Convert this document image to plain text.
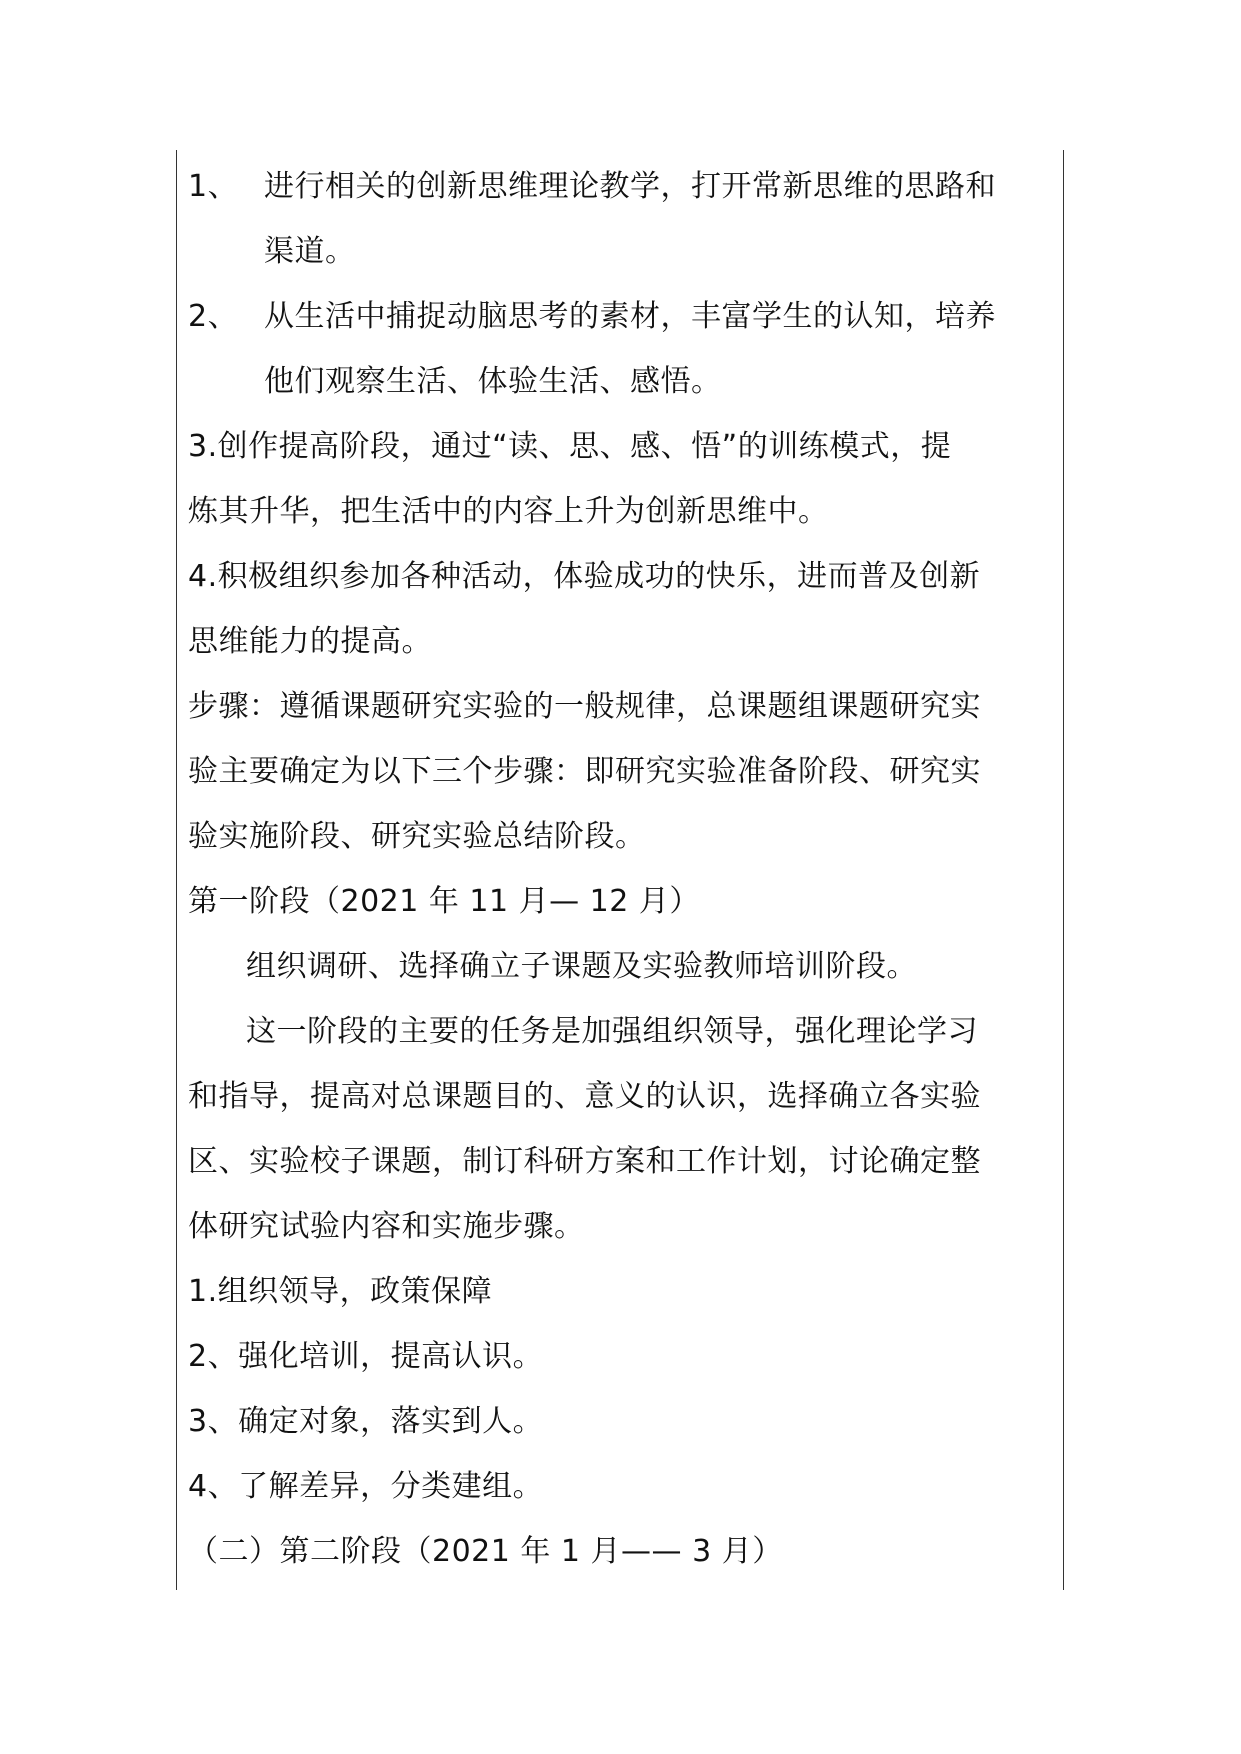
1、 进行相关的创新思维理论教学，打开常新思维的思路和
渠道。
2、 从生活中捕捉动脑思考的素材，丰富学生的认知，培养
他们观察生活、体验生活、感悟。
3.创作提高阶段，通过“读、思、感、悟”的训练模式，提
炼其升华，把生活中的内容上升为创新思维中。
4.积极组织参加各种活动，体验成功的快乐，进而普及创新
思维能力的提高。
步骤：遵循课题研究实验的一般规律，总课题组课题研究实
验主要确定为以下三个步骤：即研究实验准备阶段、研究实
验实施阶段、研究实验总结阶段。
第一阶段（2021 年 11 月— 12 月）
组织调研、选择确立子课题及实验教师培训阶段。
这一阶段的主要的任务是加强组织领导，强化理论学习
和指导，提高对总课题目的、意义的认识，选择确立各实验
区、实验校子课题，制订科研方案和工作计划，讨论确定整
体研究试验内容和实施步骤。
1.组织领导，政策保障
2、强化培训，提高认识。
3、确定对象，落实到人。
4、了解差异，分类建组。
（二）第二阶段（2021 年 1 月—— 3 月）
